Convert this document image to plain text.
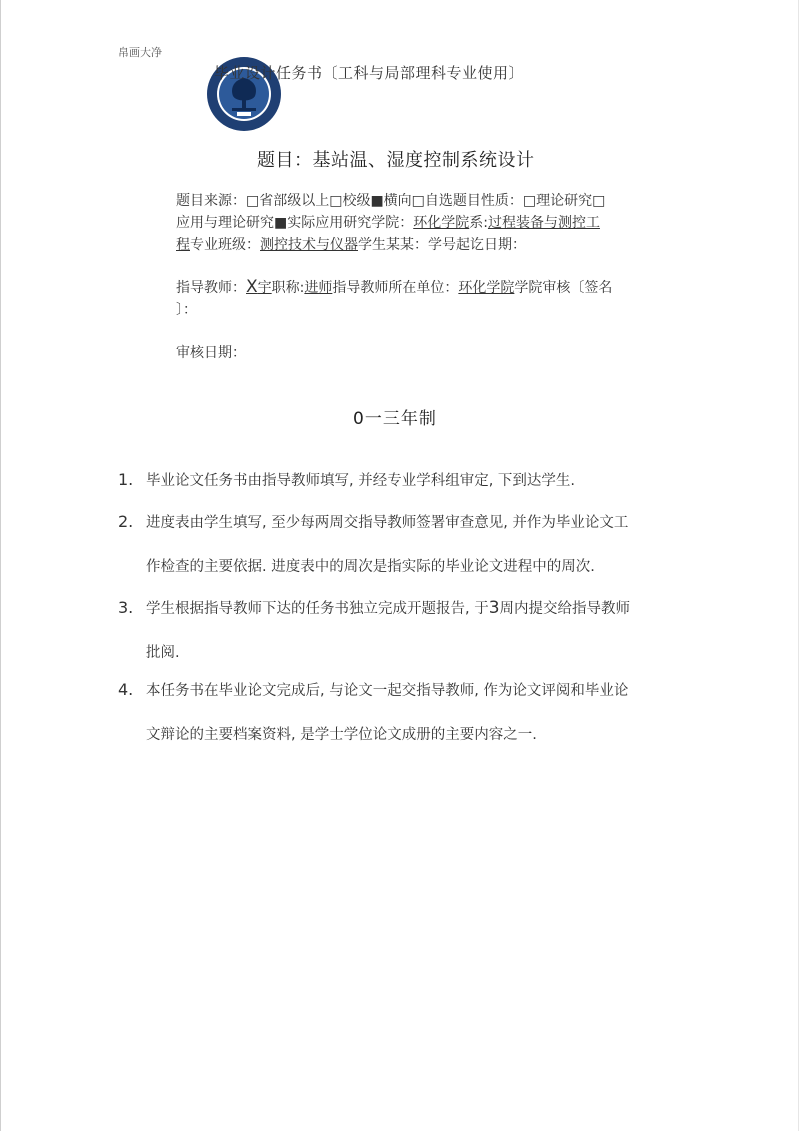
帛画大净
毕业设计任务书〔工科与局部理科专业使用〕
题目：基站温、湿度控制系统设计
题目来源：□省部级以上□校级■横向□自选题目性质：□理论研究□
应用与理论研究■实际应用研究学院：环化学院系:过程装备与测控工
程专业班级：测控技术与仪器学生某某：学号起讫日期：
指导教师：X宇职称:进师指导教师所在单位：环化学院学院审核〔签名
〕：
审核日期：
0一三年制
1. 毕业论文任务书由指导教师填写, 并经专业学科组审定, 下到达学生.
2. 进度表由学生填写, 至少每两周交指导教师签署审查意见, 并作为毕业论文工
作检查的主要依据. 进度表中的周次是指实际的毕业论文进程中的周次.
3. 学生根据指导教师下达的任务书独立完成开题报告, 于3周内提交给指导教师
批阅.
4. 本任务书在毕业论文完成后, 与论文一起交指导教师, 作为论文评阅和毕业论
文辩论的主要档案资料, 是学士学位论文成册的主要内容之一.
